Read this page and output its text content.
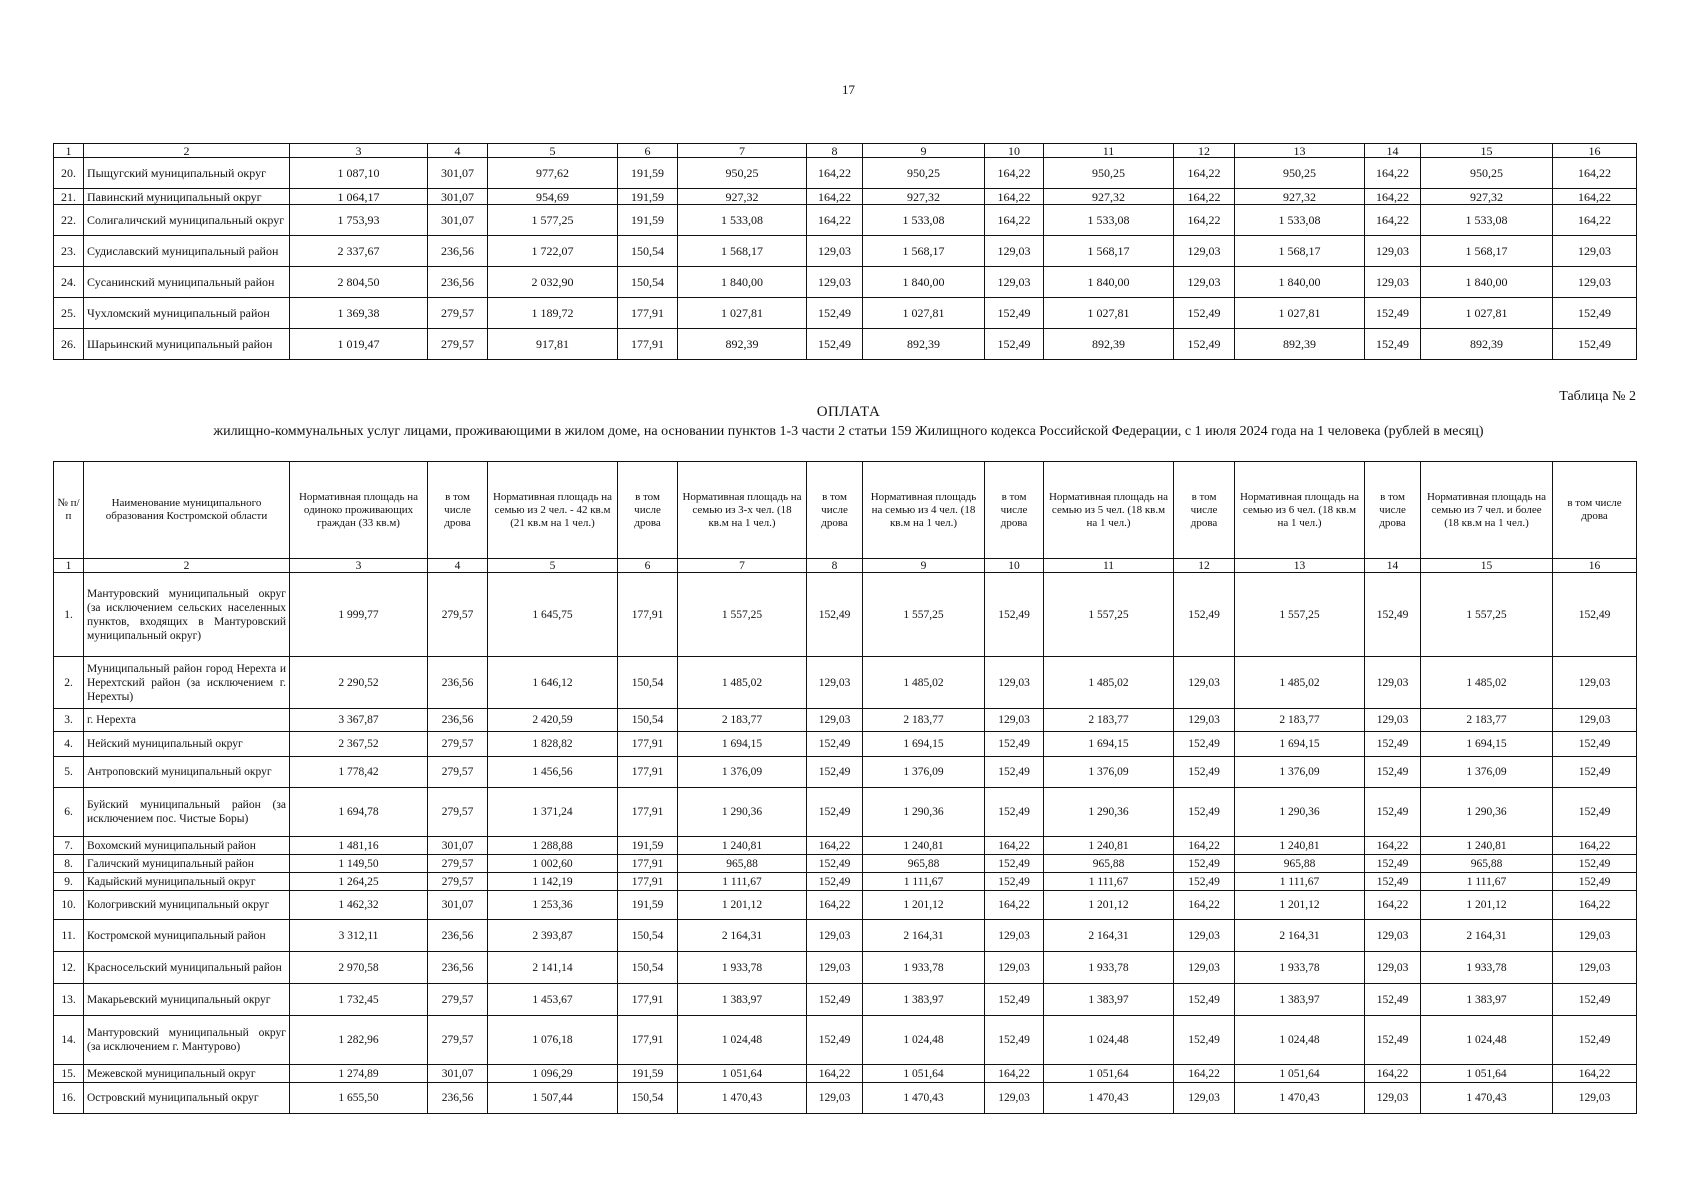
17
1	2	3	4	5	6	7	8	9	10	11	12	13	14	15	16
20.	Пыщугский муниципальный округ	1 087,10	301,07	977,62	191,59	950,25	164,22	950,25	164,22	950,25	164,22	950,25	164,22	950,25	164,22
21.	Павинский муниципальный округ	1 064,17	301,07	954,69	191,59	927,32	164,22	927,32	164,22	927,32	164,22	927,32	164,22	927,32	164,22
22.	Солигаличский муниципальный округ	1 753,93	301,07	1 577,25	191,59	1 533,08	164,22	1 533,08	164,22	1 533,08	164,22	1 533,08	164,22	1 533,08	164,22
23.	Судиславский муниципальный район	2 337,67	236,56	1 722,07	150,54	1 568,17	129,03	1 568,17	129,03	1 568,17	129,03	1 568,17	129,03	1 568,17	129,03
24.	Сусанинский муниципальный район	2 804,50	236,56	2 032,90	150,54	1 840,00	129,03	1 840,00	129,03	1 840,00	129,03	1 840,00	129,03	1 840,00	129,03
25.	Чухломский муниципальный район	1 369,38	279,57	1 189,72	177,91	1 027,81	152,49	1 027,81	152,49	1 027,81	152,49	1 027,81	152,49	1 027,81	152,49
26.	Шарьинский муниципальный район	1 019,47	279,57	917,81	177,91	892,39	152,49	892,39	152,49	892,39	152,49	892,39	152,49	892,39	152,49
Таблица № 2
ОПЛАТА
жилищно-коммунальных услуг лицами, проживающими в жилом доме, на основании пунктов 1-3 части 2 статьи 159 Жилищного кодекса Российской Федерации, с 1 июля 2024 года на 1 человека (рублей в месяц)
№ п/п	Наименование муниципального образования Костромской области	Нормативная площадь на одиноко проживающих граждан (33 кв.м)	в том числе дрова	Нормативная площадь на семью из 2 чел. - 42 кв.м (21 кв.м на 1 чел.)	в том числе дрова	Нормативная площадь на семью из 3-х чел. (18 кв.м на 1 чел.)	в том числе дрова	Нормативная площадь на семью из 4 чел. (18 кв.м на 1 чел.)	в том числе дрова	Нормативная площадь на семью из 5 чел. (18 кв.м на 1 чел.)	в том числе дрова	Нормативная площадь на семью из 6 чел. (18 кв.м на 1 чел.)	в том числе дрова	Нормативная площадь на семью из 7 чел. и более (18 кв.м на 1 чел.)	в том числе дрова
1	2	3	4	5	6	7	8	9	10	11	12	13	14	15	16
1.	Мантуровский муниципальный округ (за исключением сельских населенных пунктов, входящих в Мантуровский муниципальный округ)	1 999,77	279,57	1 645,75	177,91	1 557,25	152,49	1 557,25	152,49	1 557,25	152,49	1 557,25	152,49	1 557,25	152,49
2.	Муниципальный район город Нерехта и Нерехтский район (за исключением г. Нерехты)	2 290,52	236,56	1 646,12	150,54	1 485,02	129,03	1 485,02	129,03	1 485,02	129,03	1 485,02	129,03	1 485,02	129,03
3.	г. Нерехта	3 367,87	236,56	2 420,59	150,54	2 183,77	129,03	2 183,77	129,03	2 183,77	129,03	2 183,77	129,03	2 183,77	129,03
4.	Нейский муниципальный округ	2 367,52	279,57	1 828,82	177,91	1 694,15	152,49	1 694,15	152,49	1 694,15	152,49	1 694,15	152,49	1 694,15	152,49
5.	Антроповский муниципальный округ	1 778,42	279,57	1 456,56	177,91	1 376,09	152,49	1 376,09	152,49	1 376,09	152,49	1 376,09	152,49	1 376,09	152,49
6.	Буйский муниципальный район (за исключением пос. Чистые Боры)	1 694,78	279,57	1 371,24	177,91	1 290,36	152,49	1 290,36	152,49	1 290,36	152,49	1 290,36	152,49	1 290,36	152,49
7.	Вохомский муниципальный район	1 481,16	301,07	1 288,88	191,59	1 240,81	164,22	1 240,81	164,22	1 240,81	164,22	1 240,81	164,22	1 240,81	164,22
8.	Галичский муниципальный район	1 149,50	279,57	1 002,60	177,91	965,88	152,49	965,88	152,49	965,88	152,49	965,88	152,49	965,88	152,49
9.	Кадыйский муниципальный округ	1 264,25	279,57	1 142,19	177,91	1 111,67	152,49	1 111,67	152,49	1 111,67	152,49	1 111,67	152,49	1 111,67	152,49
10.	Кологривский муниципальный округ	1 462,32	301,07	1 253,36	191,59	1 201,12	164,22	1 201,12	164,22	1 201,12	164,22	1 201,12	164,22	1 201,12	164,22
11.	Костромской муниципальный район	3 312,11	236,56	2 393,87	150,54	2 164,31	129,03	2 164,31	129,03	2 164,31	129,03	2 164,31	129,03	2 164,31	129,03
12.	Красносельский муниципальный район	2 970,58	236,56	2 141,14	150,54	1 933,78	129,03	1 933,78	129,03	1 933,78	129,03	1 933,78	129,03	1 933,78	129,03
13.	Макарьевский муниципальный округ	1 732,45	279,57	1 453,67	177,91	1 383,97	152,49	1 383,97	152,49	1 383,97	152,49	1 383,97	152,49	1 383,97	152,49
14.	Мантуровский муниципальный округ (за исключением г. Мантурово)	1 282,96	279,57	1 076,18	177,91	1 024,48	152,49	1 024,48	152,49	1 024,48	152,49	1 024,48	152,49	1 024,48	152,49
15.	Межевской муниципальный округ	1 274,89	301,07	1 096,29	191,59	1 051,64	164,22	1 051,64	164,22	1 051,64	164,22	1 051,64	164,22	1 051,64	164,22
16.	Островский муниципальный округ	1 655,50	236,56	1 507,44	150,54	1 470,43	129,03	1 470,43	129,03	1 470,43	129,03	1 470,43	129,03	1 470,43	129,03
